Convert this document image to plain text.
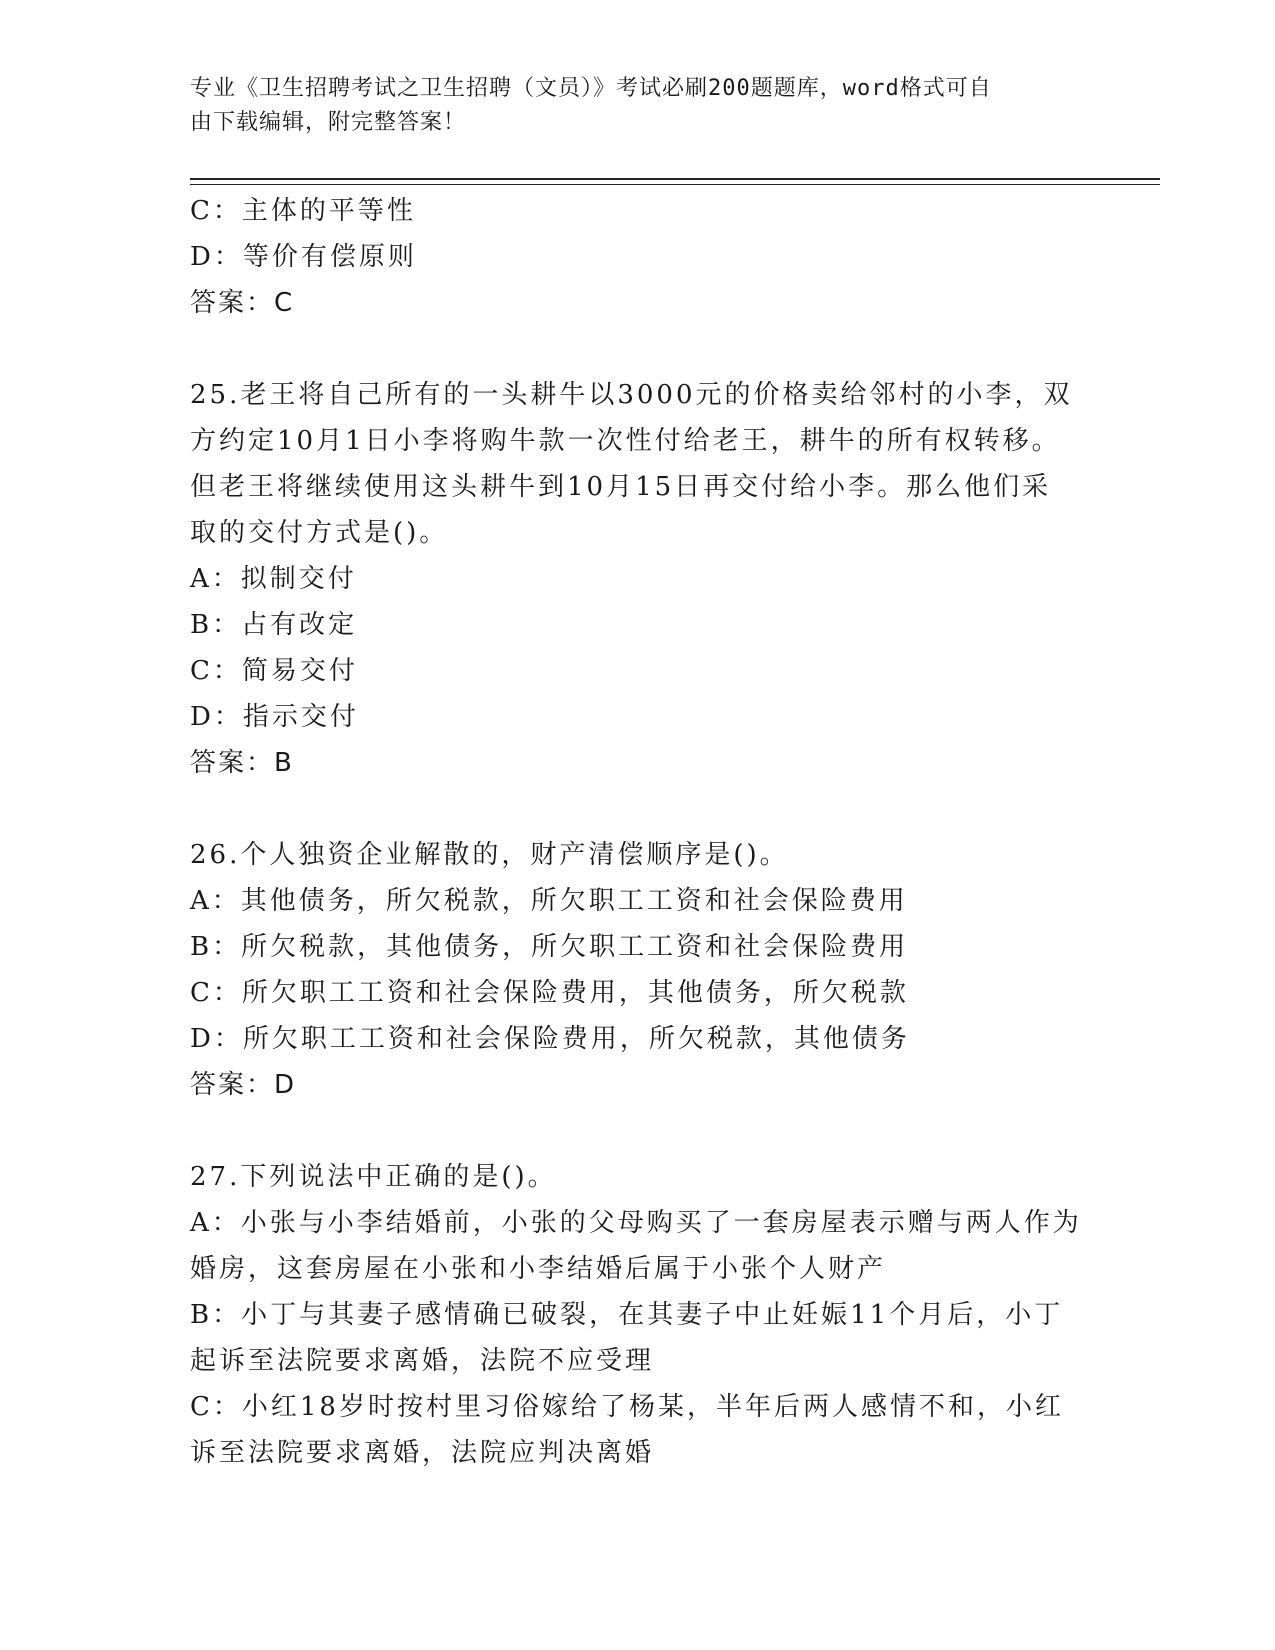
专业《卫生招聘考试之卫生招聘（文员）》考试必刷200题题库，word格式可自
由下载编辑，附完整答案！
C：主体的平等性
D：等价有偿原则
答案：C
25.老王将自己所有的一头耕牛以3000元的价格卖给邻村的小李，双
方约定10月1日小李将购牛款一次性付给老王，耕牛的所有权转移。
但老王将继续使用这头耕牛到10月15日再交付给小李。那么他们采
取的交付方式是()。
A：拟制交付
B：占有改定
C：简易交付
D：指示交付
答案：B
26.个人独资企业解散的，财产清偿顺序是()。
A：其他债务，所欠税款，所欠职工工资和社会保险费用
B：所欠税款，其他债务，所欠职工工资和社会保险费用
C：所欠职工工资和社会保险费用，其他债务，所欠税款
D：所欠职工工资和社会保险费用，所欠税款，其他债务
答案：D
27.下列说法中正确的是()。
A：小张与小李结婚前，小张的父母购买了一套房屋表示赠与两人作为
婚房，这套房屋在小张和小李结婚后属于小张个人财产
B：小丁与其妻子感情确已破裂，在其妻子中止妊娠11个月后，小丁
起诉至法院要求离婚，法院不应受理
C：小红18岁时按村里习俗嫁给了杨某，半年后两人感情不和，小红
诉至法院要求离婚，法院应判决离婚
